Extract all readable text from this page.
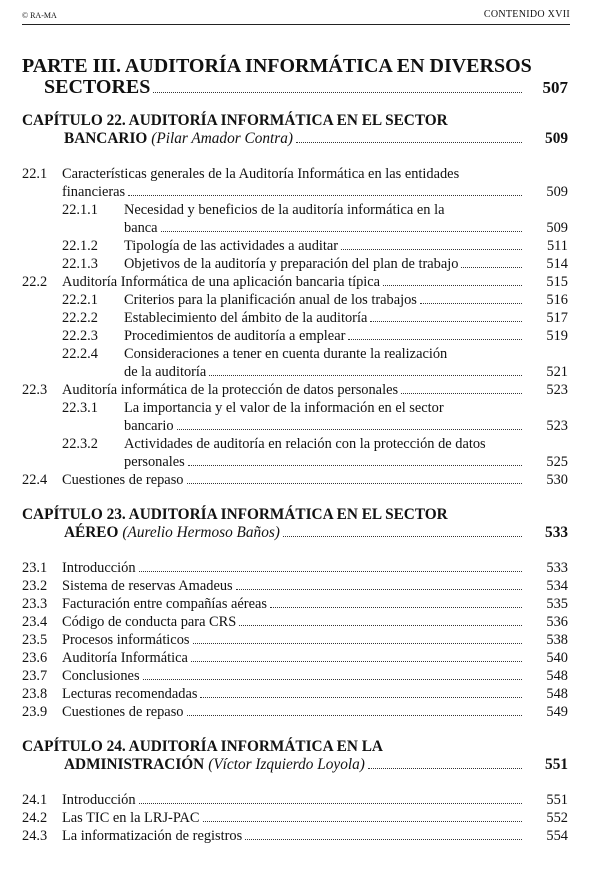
© RA-MA	CONTENIDO XVII
PARTE III. AUDITORÍA INFORMÁTICA EN DIVERSOS
SECTORES	507
CAPÍTULO 22. AUDITORÍA INFORMÁTICA EN EL SECTOR
BANCARIO (Pilar Amador Contra)	509
22.1 Características generales de la Auditoría Informática en las entidades
financieras	509
22.1.1 Necesidad y beneficios de la auditoría informática en la
banca	509
22.1.2 Tipología de las actividades a auditar	511
22.1.3 Objetivos de la auditoría y preparación del plan de trabajo	514
22.2 Auditoría Informática de una aplicación bancaria típica	515
22.2.1 Criterios para la planificación anual de los trabajos	516
22.2.2 Establecimiento del ámbito de la auditoría	517
22.2.3 Procedimientos de auditoría a emplear	519
22.2.4 Consideraciones a tener en cuenta durante la realización
de la auditoría	521
22.3 Auditoría informática de la protección de datos personales	523
22.3.1 La importancia y el valor de la información en el sector
bancario	523
22.3.2 Actividades de auditoría en relación con la protección de datos
personales	525
22.4 Cuestiones de repaso	530
CAPÍTULO 23. AUDITORÍA INFORMÁTICA EN EL SECTOR
AÉREO (Aurelio Hermoso Baños)	533
23.1 Introducción	533
23.2 Sistema de reservas Amadeus	534
23.3 Facturación entre compañías aéreas	535
23.4 Código de conducta para CRS	536
23.5 Procesos informáticos	538
23.6 Auditoría Informática	540
23.7 Conclusiones	548
23.8 Lecturas recomendadas	548
23.9 Cuestiones de repaso	549
CAPÍTULO 24. AUDITORÍA INFORMÁTICA EN LA
ADMINISTRACIÓN (Víctor Izquierdo Loyola)	551
24.1 Introducción	551
24.2 Las TIC en la LRJ-PAC	552
24.3 La informatización de registros	554
